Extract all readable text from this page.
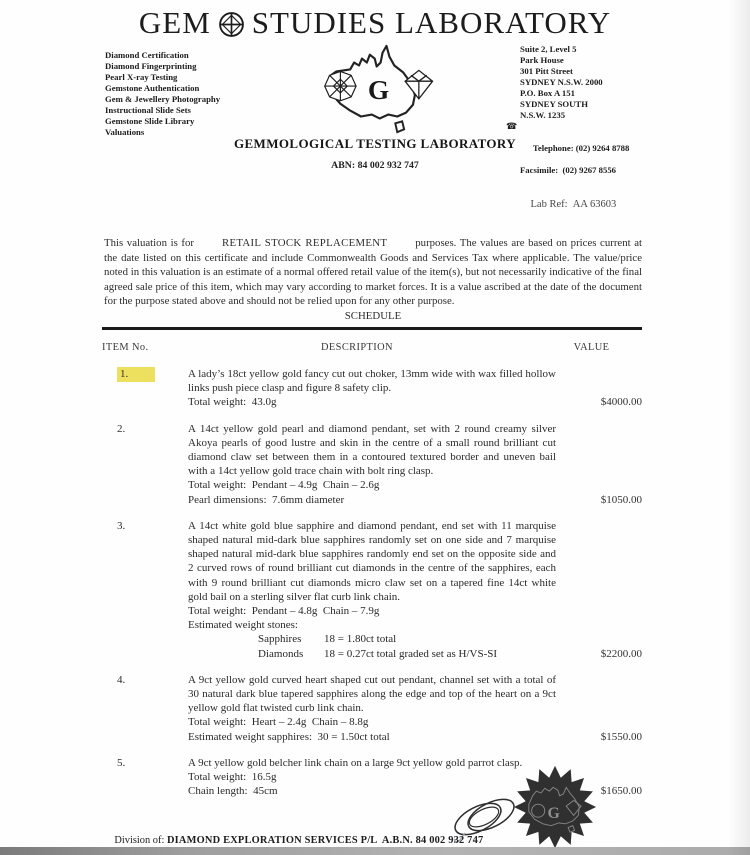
GEM STUDIES LABORATORY
Diamond Certification
Diamond Fingerprinting
Pearl X-ray Testing
Gemstone Authentication
Gem & Jewellery Photography
Instructional Slide Sets
Gemstone Slide Library
Valuations
G
Suite 2, Level 5
Park House
301 Pitt Street
SYDNEY N.S.W. 2000
P.O. Box A 151
SYDNEY SOUTH
N.S.W. 1235

☎

Telephone: (02) 9264 8788

Facsimile:  (02) 9267 8556
GEMMOLOGICAL TESTING LABORATORY
ABN: 84 002 932 747

Lab Ref: AA 63603

This valuation is for	RETAIL STOCK REPLACEMENT	purposes. The values are based on prices current at the date listed on this certificate and include Commonwealth Goods and Services Tax where applicable. The value/price noted in this valuation is an estimate of a normal offered retail value of the item(s), but not necessarily indicative of the final agreed sale price of this item, which may vary according to market forces. It is a value ascribed at the date of the document for the purpose stated above and should not be relied upon for any other purpose.
SCHEDULE
ITEM No.	DESCRIPTION	VALUE
1.	A lady’s 18ct yellow gold fancy cut out choker, 13mm wide with wax filled hollow links push piece clasp and figure 8 safety clip.

Total weight:  43.0g	$4000.00
2.	A 14ct yellow gold pearl and diamond pendant, set with 2 round creamy silver Akoya pearls of good lustre and skin in the centre of a small round brilliant cut diamond claw set between them in a contoured textured border and uneven bail with a 14ct yellow gold trace chain with bolt ring clasp.

Total weight:  Pendant – 4.9g  Chain – 2.6g

Pearl dimensions:  7.6mm diameter	$1050.00
3.	A 14ct white gold blue sapphire and diamond pendant, end set with 11 marquise shaped natural mid-dark blue sapphires randomly set on one side and 7 marquise shaped natural mid-dark blue sapphires randomly end set on the opposite side and 2 curved rows of round brilliant cut diamonds in the centre of the sapphires, each with 9 round brilliant cut diamonds micro claw set on a tapered fine 14ct white gold bail on a sterling silver flat curb link chain.

Total weight:  Pendant – 4.8g  Chain – 7.9g

Estimated weight stones:

Sapphires	18 = 1.80ct total
Diamonds	18 = 0.27ct total graded set as H/VS-SI	$2200.00
4.	A 9ct yellow gold curved heart shaped cut out pendant, channel set with a total of 30 natural dark blue tapered sapphires along the edge and top of the heart on a 9ct yellow gold flat twisted curb link chain.

Total weight:  Heart – 2.4g  Chain – 8.8g

Estimated weight sapphires:  30 = 1.50ct total	$1550.00
5.	A 9ct yellow gold belcher link chain on a large 9ct yellow gold parrot clasp.

Total weight:  16.5g

Chain length:  45cm	$1650.00
G

Division of: DIAMOND EXPLORATION SERVICES P/L  A.B.N. 84 002 932 747
